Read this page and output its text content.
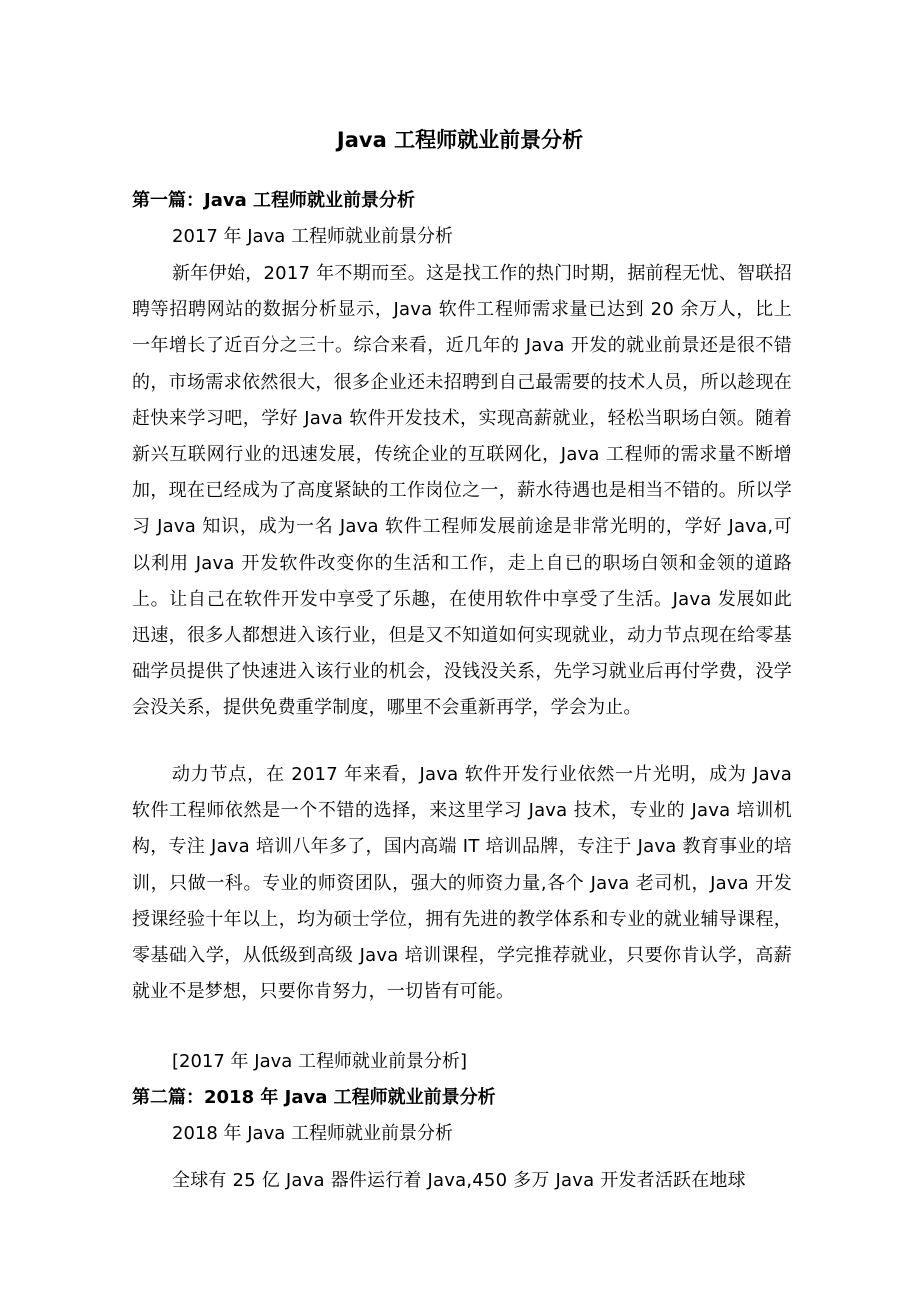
Java 工程师就业前景分析
第一篇：Java 工程师就业前景分析
2017 年 Java 工程师就业前景分析

新年伊始，2017 年不期而至。这是找工作的热门时期，据前程无忧、智联招聘等招聘网站的数据分析显示，Java 软件工程师需求量已达到 20 余万人，比上一年增长了近百分之三十。综合来看，近几年的 Java 开发的就业前景还是很不错的，市场需求依然很大，很多企业还未招聘到自己最需要的技术人员，所以趁现在赶快来学习吧，学好 Java 软件开发技术，实现高薪就业，轻松当职场白领。随着新兴互联网行业的迅速发展，传统企业的互联网化，Java 工程师的需求量不断增加，现在已经成为了高度紧缺的工作岗位之一，薪水待遇也是相当不错的。所以学习 Java 知识，成为一名 Java 软件工程师发展前途是非常光明的，学好 Java,可以利用 Java 开发软件改变你的生活和工作，走上自已的职场白领和金领的道路上。让自己在软件开发中享受了乐趣，在使用软件中享受了生活。Java 发展如此迅速，很多人都想进入该行业，但是又不知道如何实现就业，动力节点现在给零基础学员提供了快速进入该行业的机会，没钱没关系，先学习就业后再付学费，没学会没关系，提供免费重学制度，哪里不会重新再学，学会为止。

动力节点，在 2017 年来看，Java 软件开发行业依然一片光明，成为 Java 软件工程师依然是一个不错的选择，来这里学习 Java 技术，专业的 Java 培训机构，专注 Java 培训八年多了，国内高端 IT 培训品牌，专注于 Java 教育事业的培训，只做一科。专业的师资团队，强大的师资力量,各个 Java 老司机，Java 开发授课经验十年以上，均为硕士学位，拥有先进的教学体系和专业的就业辅导课程，零基础入学，从低级到高级 Java 培训课程，学完推荐就业，只要你肯认学，高薪就业不是梦想，只要你肯努力，一切皆有可能。

[2017 年 Java 工程师就业前景分析]
第二篇：2018 年 Java 工程师就业前景分析
2018 年 Java 工程师就业前景分析

全球有 25 亿 Java 器件运行着 Java,450 多万 Java 开发者活跃在地球
